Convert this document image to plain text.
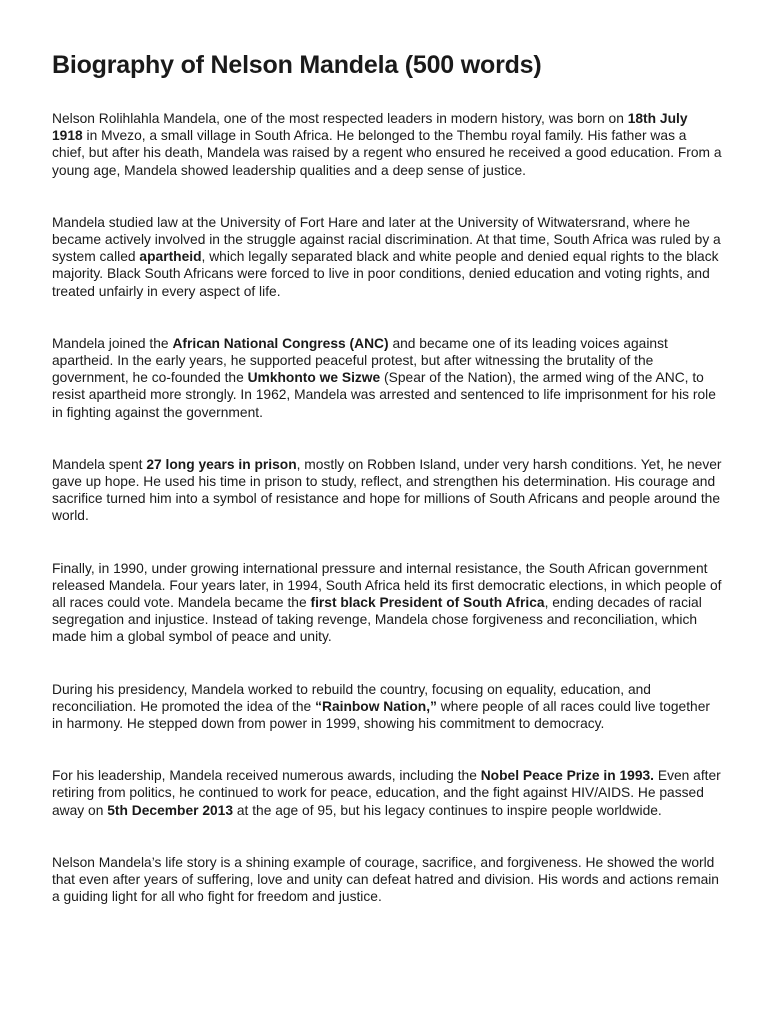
Biography of Nelson Mandela (500 words)

Nelson Rolihlahla Mandela, one of the most respected leaders in modern history, was born on 18th July 1918 in Mvezo, a small village in South Africa. He belonged to the Thembu royal family. His father was a chief, but after his death, Mandela was raised by a regent who ensured he received a good education. From a young age, Mandela showed leadership qualities and a deep sense of justice.

Mandela studied law at the University of Fort Hare and later at the University of Witwatersrand, where he became actively involved in the struggle against racial discrimination. At that time, South Africa was ruled by a system called apartheid, which legally separated black and white people and denied equal rights to the black majority. Black South Africans were forced to live in poor conditions, denied education and voting rights, and treated unfairly in every aspect of life.

Mandela joined the African National Congress (ANC) and became one of its leading voices against apartheid. In the early years, he supported peaceful protest, but after witnessing the brutality of the government, he co-founded the Umkhonto we Sizwe (Spear of the Nation), the armed wing of the ANC, to resist apartheid more strongly. In 1962, Mandela was arrested and sentenced to life imprisonment for his role in fighting against the government.

Mandela spent 27 long years in prison, mostly on Robben Island, under very harsh conditions. Yet, he never gave up hope. He used his time in prison to study, reflect, and strengthen his determination. His courage and sacrifice turned him into a symbol of resistance and hope for millions of South Africans and people around the world.

Finally, in 1990, under growing international pressure and internal resistance, the South African government released Mandela. Four years later, in 1994, South Africa held its first democratic elections, in which people of all races could vote. Mandela became the first black President of South Africa, ending decades of racial segregation and injustice. Instead of taking revenge, Mandela chose forgiveness and reconciliation, which made him a global symbol of peace and unity.

During his presidency, Mandela worked to rebuild the country, focusing on equality, education, and reconciliation. He promoted the idea of the “Rainbow Nation,” where people of all races could live together in harmony. He stepped down from power in 1999, showing his commitment to democracy.

For his leadership, Mandela received numerous awards, including the Nobel Peace Prize in 1993. Even after retiring from politics, he continued to work for peace, education, and the fight against HIV/AIDS. He passed away on 5th December 2013 at the age of 95, but his legacy continues to inspire people worldwide.

Nelson Mandela’s life story is a shining example of courage, sacrifice, and forgiveness. He showed the world that even after years of suffering, love and unity can defeat hatred and division. His words and actions remain a guiding light for all who fight for freedom and justice.
